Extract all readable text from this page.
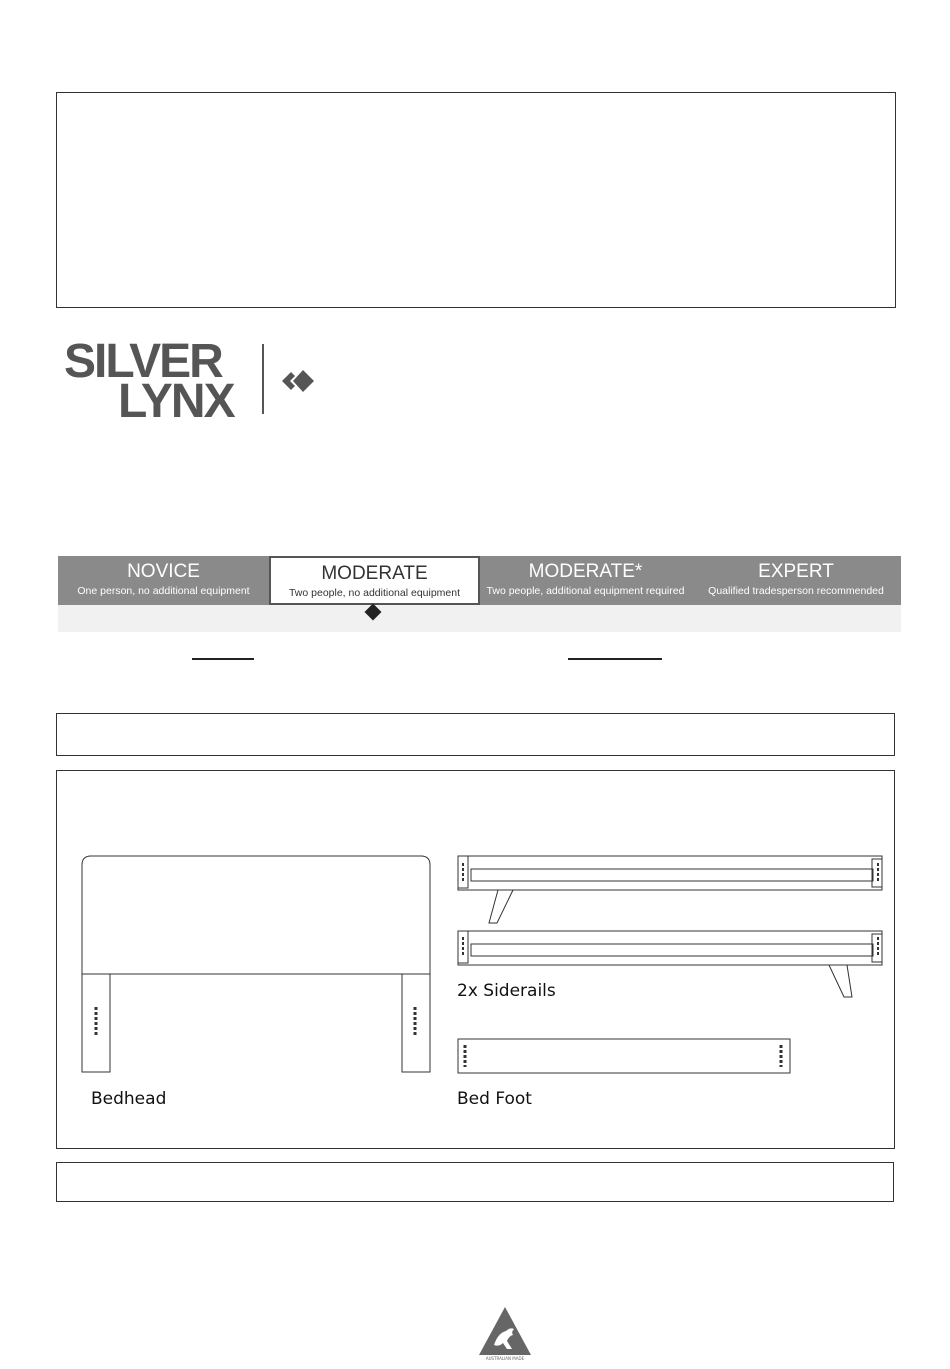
SILVER
LYNX
NOVICE
One person, no additional equipment
MODERATE
Two people, no additional equipment
MODERATE*
Two people, additional equipment required
EXPERT
Qualified tradesperson recommended
Bedhead
2x Siderails
Bed Foot
AUSTRALIAN MADE
